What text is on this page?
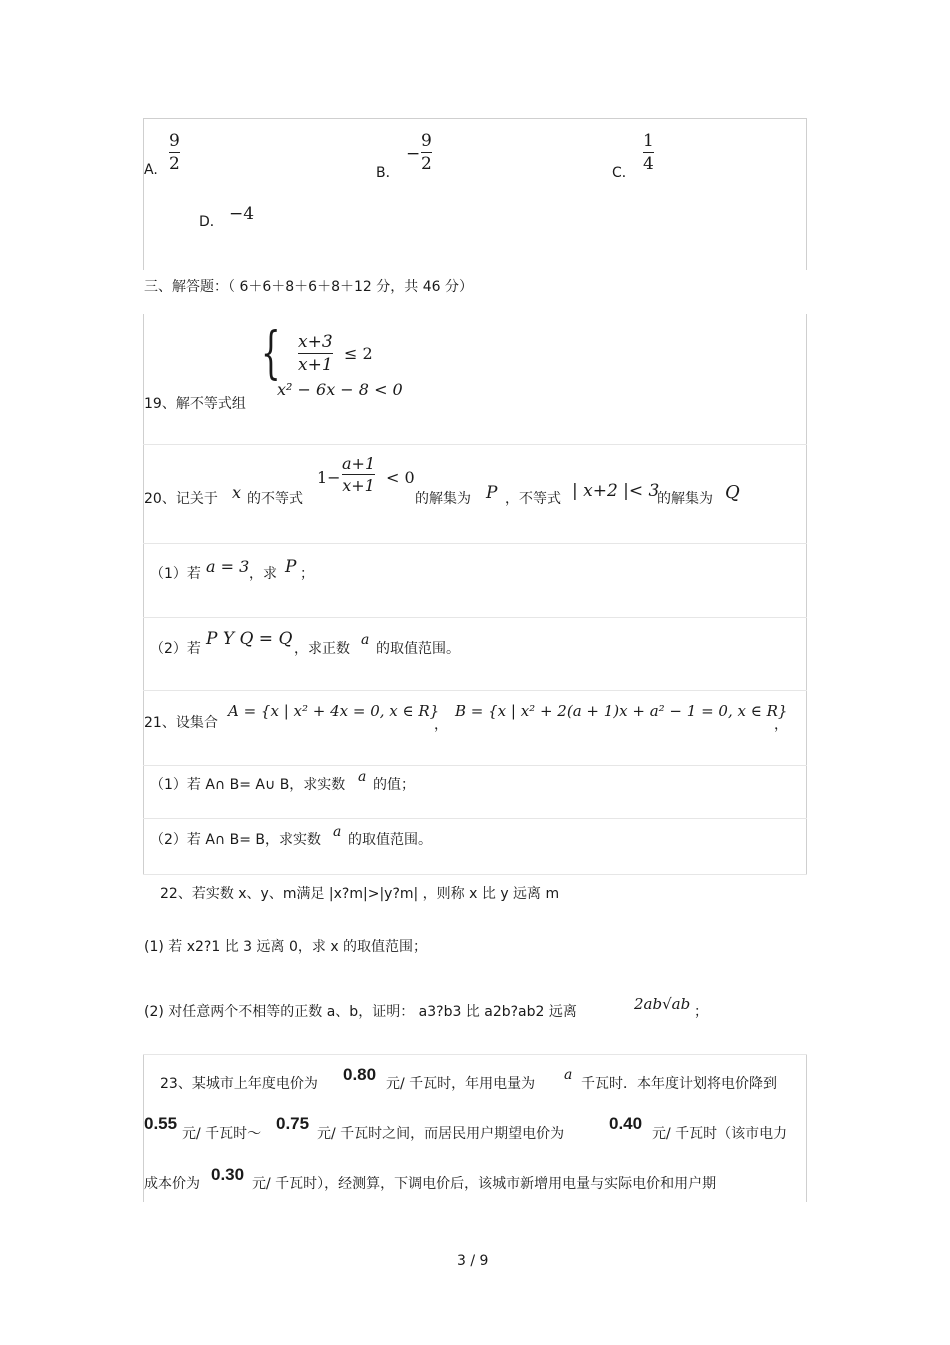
A.
9
2	B．
−
9
2	C．
1
4
D． −4
三、解答题：（ 6＋6＋8＋6＋8＋12 分，共 46 分）
19、解不等式组
{ x+3
x+1
≤ 2
x² − 6x − 8 < 0
20、记关于 x 的不等式
1−
a+1
x+1 < 0
的解集为 P ，不等式 | x+2 |< 3
的解集为 Q
（1）若 a = 3 ，求 P ；
（2）若 P Y Q = Q ，求正数
a
的取值范围。
21、设集合
A = {x | x² + 4x = 0, x ∈ R}
，
B = {x | x² + 2(a + 1)x + a² − 1 = 0, x ∈ R}
，
（1）若 A∩ B= A∪ B，求实数 a 的值；
（2）若 A∩ B= B，求实数 a 的取值范围。
22、若实数 x、y、m满足 |x?m|>|y?m| ，则称 x 比 y 远离 m
(1) 若 x2?1 比 3 远离 0，求 x 的取值范围；
(2) 对任意两个不相等的正数 a、b，证明： a3?b3 比 a2b?ab2 远离	2ab√ab ；
23、某城市上年度电价为 0.80 元/ 千瓦时，年用电量为
a
千瓦时．本年度计划将电价降到
0.55
元/ 千瓦时～
0.75
元/ 千瓦时之间，而居民用户期望电价为
0.40
元/ 千瓦时（该市电力
成本价为 0.30 元/ 千瓦时），经测算，下调电价后，该城市新增用电量与实际电价和用户期
3 / 9
